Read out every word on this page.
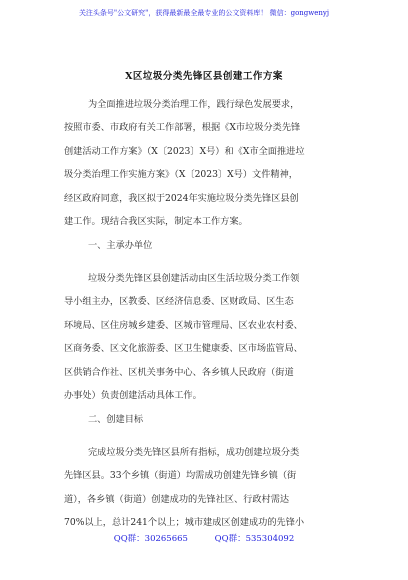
关注头条号"公文研究"，获得最新最全最专业的公文资料库！ 微信：gongwenyj
X区垃圾分类先锋区县创建工作方案
为全面推进垃圾分类治理工作，践行绿色发展要求，
按照市委、市政府有关工作部署，根据《X市垃圾分类先锋
创建活动工作方案》（X〔2023〕X号）和《X市全面推进垃
圾分类治理工作实施方案》（X〔2023〕X号）文件精神，
经区政府同意，我区拟于2024年实施垃圾分类先锋区县创
建工作。现结合我区实际，制定本工作方案。
一、主承办单位
垃圾分类先锋区县创建活动由区生活垃圾分类工作领
导小组主办，区教委、区经济信息委、区财政局、区生态
环境局、区住房城乡建委、区城市管理局、区农业农村委、
区商务委、区文化旅游委、区卫生健康委、区市场监管局、
区供销合作社、区机关事务中心、各乡镇人民政府（街道
办事处）负责创建活动具体工作。
二、创建目标
完成垃圾分类先锋区县所有指标，成功创建垃圾分类
先锋区县。33个乡镇（街道）均需成功创建先锋乡镇（街
道），各乡镇（街道）创建成功的先锋社区、行政村需达
70%以上，总计241个以上；城市建成区创建成功的先锋小
QQ群：30265665	QQ群：535304092
